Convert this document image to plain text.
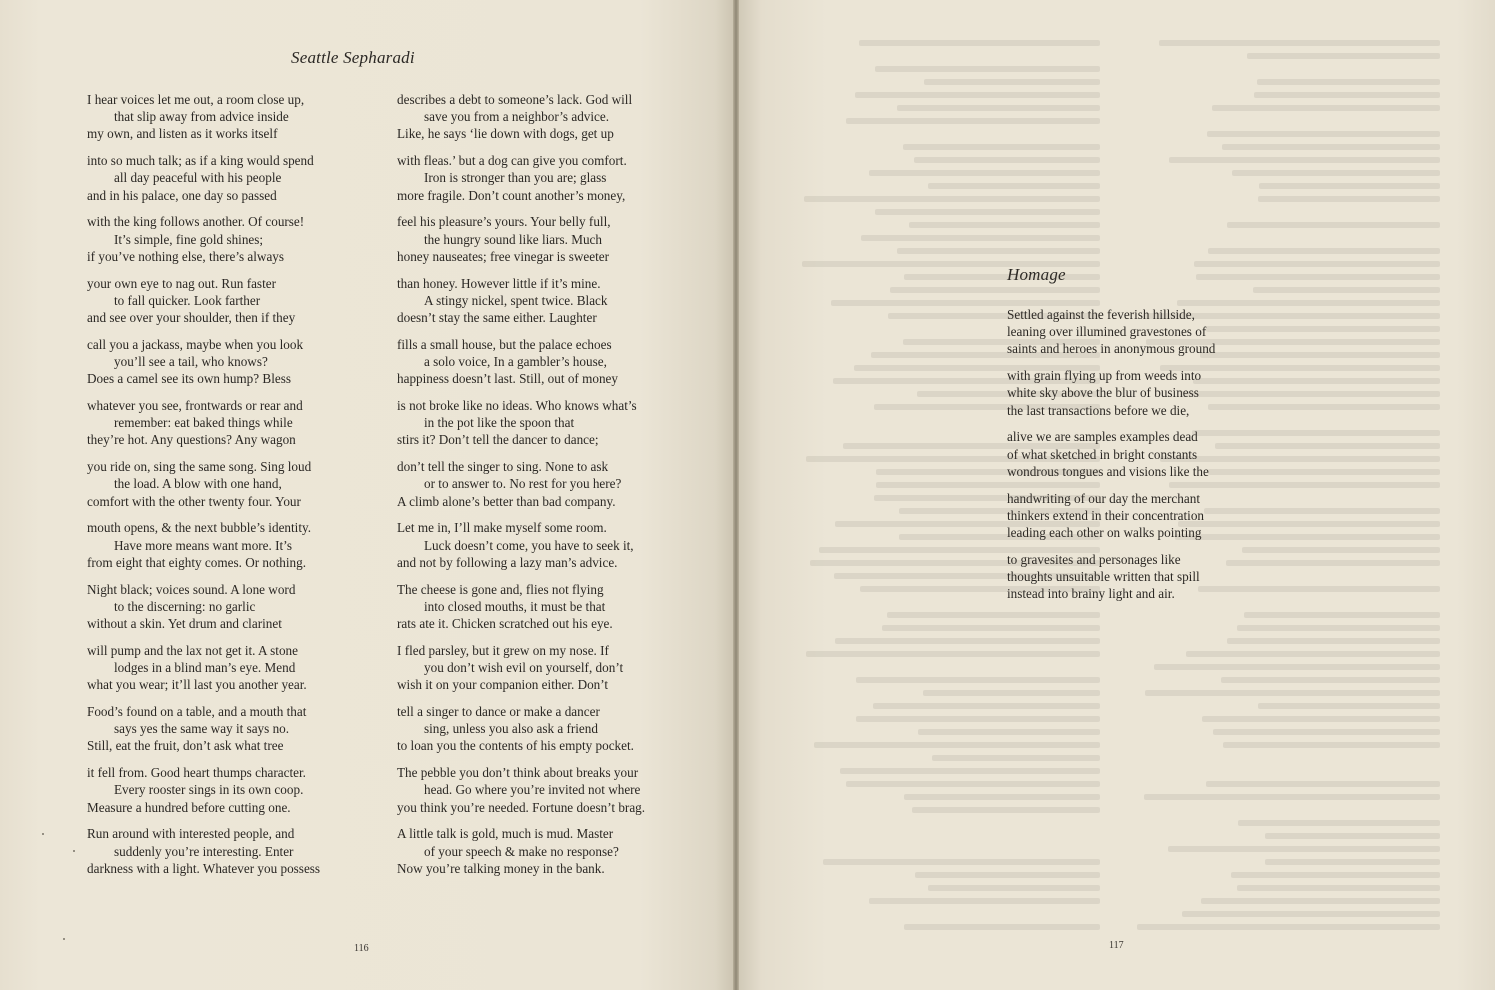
Seattle Sepharadi
I hear voices let me out, a room close up,
that slip away from advice inside
my own, and listen as it works itself
into so much talk; as if a king would spend
all day peaceful with his people
and in his palace, one day so passed
with the king follows another. Of course!
It’s simple, fine gold shines;
if you’ve nothing else, there’s always
your own eye to nag out. Run faster
to fall quicker. Look farther
and see over your shoulder, then if they
call you a jackass, maybe when you look
you’ll see a tail, who knows?
Does a camel see its own hump? Bless
whatever you see, frontwards or rear and
remember: eat baked things while
they’re hot. Any questions? Any wagon
you ride on, sing the same song. Sing loud
the load. A blow with one hand,
comfort with the other twenty four. Your
mouth opens, & the next bubble’s identity.
Have more means want more. It’s
from eight that eighty comes. Or nothing.
Night black; voices sound. A lone word
to the discerning: no garlic
without a skin. Yet drum and clarinet
will pump and the lax not get it. A stone
lodges in a blind man’s eye. Mend
what you wear; it’ll last you another year.
Food’s found on a table, and a mouth that
says yes the same way it says no.
Still, eat the fruit, don’t ask what tree
it fell from. Good heart thumps character.
Every rooster sings in its own coop.
Measure a hundred before cutting one.
Run around with interested people, and
suddenly you’re interesting. Enter
darkness with a light. Whatever you possess
describes a debt to someone’s lack. God will
save you from a neighbor’s advice.
Like, he says ‘lie down with dogs, get up
with fleas.’ but a dog can give you comfort.
Iron is stronger than you are; glass
more fragile. Don’t count another’s money,
feel his pleasure’s yours. Your belly full,
the hungry sound like liars. Much
honey nauseates; free vinegar is sweeter
than honey. However little if it’s mine.
A stingy nickel, spent twice. Black
doesn’t stay the same either. Laughter
fills a small house, but the palace echoes
a solo voice, In a gambler’s house,
happiness doesn’t last. Still, out of money
is not broke like no ideas. Who knows what’s
in the pot like the spoon that
stirs it? Don’t tell the dancer to dance;
don’t tell the singer to sing. None to ask
or to answer to. No rest for you here?
A climb alone’s better than bad company.
Let me in, I’ll make myself some room.
Luck doesn’t come, you have to seek it,
and not by following a lazy man’s advice.
The cheese is gone and, flies not flying
into closed mouths, it must be that
rats ate it. Chicken scratched out his eye.
I fled parsley, but it grew on my nose. If
you don’t wish evil on yourself, don’t
wish it on your companion either. Don’t
tell a singer to dance or make a dancer
sing, unless you also ask a friend
to loan you the contents of his empty pocket.
The pebble you don’t think about breaks your
head. Go where you’re invited not where
you think you’re needed. Fortune doesn’t brag.
A little talk is gold, much is mud. Master
of your speech & make no response?
Now you’re talking money in the bank.
116
Homage
Settled against the feverish hillside,
leaning over illumined gravestones of
saints and heroes in anonymous ground
with grain flying up from weeds into
white sky above the blur of business
the last transactions before we die,
alive we are samples examples dead
of what sketched in bright constants
wondrous tongues and visions like the
handwriting of our day the merchant
thinkers extend in their concentration
leading each other on walks pointing
to gravesites and personages like
thoughts unsuitable written that spill
instead into brainy light and air.
117
